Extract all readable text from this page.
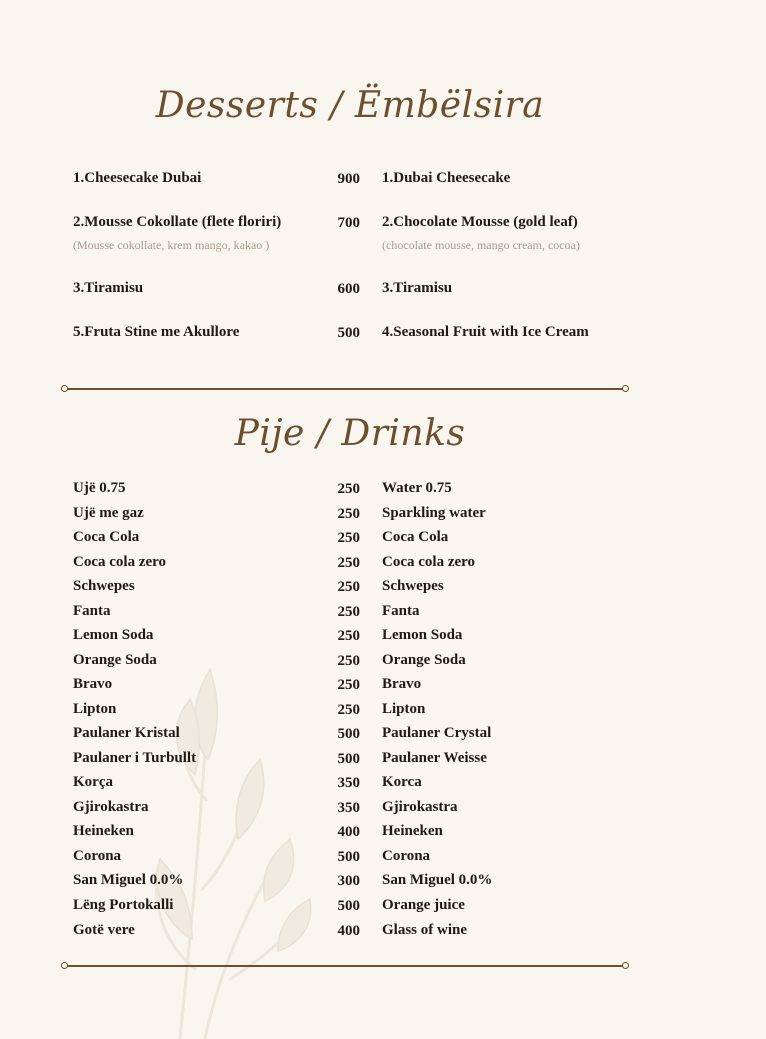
Desserts / Ëmbëlsira
1.Cheesecake Dubai	900 1.Dubai Cheesecake
2.Mousse Cokollate (flete floriri)	700 2.Chocolate Mousse (gold leaf)
(Mousse cokollate, krem mango, kakao )	(chocolate mousse, mango cream, cocoa)
3.Tiramisu	600 3.Tiramisu
5.Fruta Stine me Akullore	500 4.Seasonal Fruit with Ice Cream
Pije / Drinks
Ujë 0.75	250 Water 0.75
Ujë me gaz	250 Sparkling water
Coca Cola	250 Coca Cola
Coca cola zero	250 Coca cola zero
Schwepes	250 Schwepes
Fanta	250 Fanta
Lemon Soda	250 Lemon Soda
Orange Soda	250 Orange Soda
Bravo	250 Bravo
Lipton	250 Lipton
Paulaner Kristal	500 Paulaner Crystal
Paulaner i Turbullt	500 Paulaner Weisse
Korça	350 Korca
Gjirokastra	350 Gjirokastra
Heineken	400 Heineken
Corona	500 Corona
San Miguel 0.0%	300 San Miguel 0.0%
Lëng Portokalli	500 Orange juice
Gotë vere	400 Glass of wine
